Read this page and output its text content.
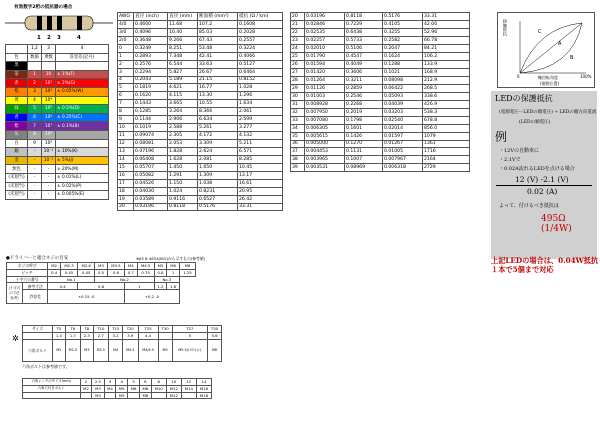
有効数字2桁の抵抗器の場合
1 2 3	4
	1,2	3	4
色	数値	乗数	許容差(記号)
黒	0	1	
茶	1	10	± 1%(F)
赤	2	10²	± 2%(G)
橙	3	10³	± 0.05%(W)
黄	4	10⁴	
緑	5	10⁵	± 0.5%(D)
青	6	10⁶	± 0.25%(C)
紫	7	10⁷	± 0.1%(B)
灰	8	10⁸	
白	9	10⁹	
銀	-	10⁻²	± 10%(K)
金	-	10⁻¹	± 5%(J)
無色	-	-	± 20%(M)
(未割当)	-	-	± 0.01%(L)
(未割当)	-	-	± 0.02%(P)
(未割当)	-	-	± 0.005%(E)
AWG	直径 (inch)	直径 (mm)	断面積 (mm²)	抵抗 (Ω / km)
4/0	0.4600	11.68	107.2	0.1608
3/0	0.4096	10.40	85.03	0.2028
2/0	0.3648	9.266	67.43	0.2557
0	0.3249	8.251	53.48	0.3224
1	0.2893	7.348	42.41	0.4066
2	0.2576	6.544	33.63	0.5127
3	0.2294	5.827	26.67	0.6464
4	0.2043	5.189	21.15	0.8152
5	0.1819	4.621	16.77	1.028
6	0.1620	4.115	13.30	1.296
7	0.1443	3.665	10.55	1.634
8	0.1285	3.264	8.366	2.061
9	0.1144	2.906	6.634	2.599
10	0.1019	2.588	5.261	3.277
11	0.09074	2.305	4.172	4.132
12	0.08081	2.053	3.309	5.211
13	0.07196	1.828	2.624	6.571
14	0.06408	1.628	2.081	8.285
15	0.05707	1.450	1.650	10.45
16	0.05082	1.291	1.309	13.17
17	0.04526	1.150	1.038	16.61
18	0.04030	1.024	0.8231	20.95
19	0.03589	0.9116	0.6527	26.42
20	0.03196	0.8118	0.5176	33.31
20	0.03196	0.8118	0.5176	33.31
21	0.02846	0.7229	0.4105	42.00
22	0.02535	0.6438	0.3255	52.96
23	0.02257	0.5733	0.2582	66.78
24	0.02010	0.5106	0.2047	84.21
25	0.01790	0.4547	0.1624	106.2
26	0.01594	0.4049	0.1288	133.9
27	0.01420	0.3606	0.1021	168.9
28	0.01264	0.3211	0.08098	212.9
29	0.01126	0.2859	0.06422	268.5
30	0.01003	0.2546	0.05093	338.6
31	0.008928	0.2268	0.04039	426.9
32	0.007950	0.2019	0.03203	538.3
33	0.007080	0.1798	0.02540	678.8
34	0.006305	0.1601	0.02014	856.0
35	0.005615	0.1426	0.01597	1079
36	0.005000	0.1270	0.01267	1361
37	0.004453	0.1131	0.01005	1716
38	0.003965	0.1007	0.007967	2164
39	0.003531	0.08969	0.006318	2729
接触抵抗	C
A
B
0	100%
軸回転角度
(摺動位置)
LEDの保護抵抗
(電源電圧ーLEDの順電圧) ÷ LEDの順方向電流
(LEDの順電圧)
例
・12Vの自動車に
・2.1Vで
・0.02A流れるLEDを点ける場合
12 (V) -2.1 (V)
0.02 (A)
よって、付けるべき抵抗は
495Ω (1/4W)
上記LEDの場合は、0.04W抵抗１本で5個まで対応
●ドライバーと適合ネジの目安	※JIS B 4633(ISO)から示すもの(参考値)
ネジの呼び		M2	M2.3	M2.6	M3	M3.5	M4	M4.5	M5	M6	M8
ピッチ		0.4	0.45	0.45	0.5	0.6	0.7	0.75	0.8	1	1.25
十字穴の番号		No.1			No.2				No.3		
(十字穴の寸法参考)	参考寸法	0.4		0.8			1		1.2	1.6	
	許容差	+0.15 -0					+0.2 -0				
サイズ	T5	T6	T8	T10	T15	T20	T25	T30	T27	T30
	1.4	1.7	2.3	2.7	3.2	3.9	4.4		5	5.6
六角ボルト	M2	M2.5	M3	M3.5	M4	M4.5	M4/4.5	M5	M5.5(ﾅｲﾛﾝﾅｯﾄ)	M6
✲
六角ボルトは参考値です。
六角レンチのサイズ(mm)	2	2.5	3	4	5	6	8	10	12	14
六角穴付きボルト	M2	M3	M4	M5	M6	M8	M10	M12	M14	M16
		M3		M5		M8		M12		M18
